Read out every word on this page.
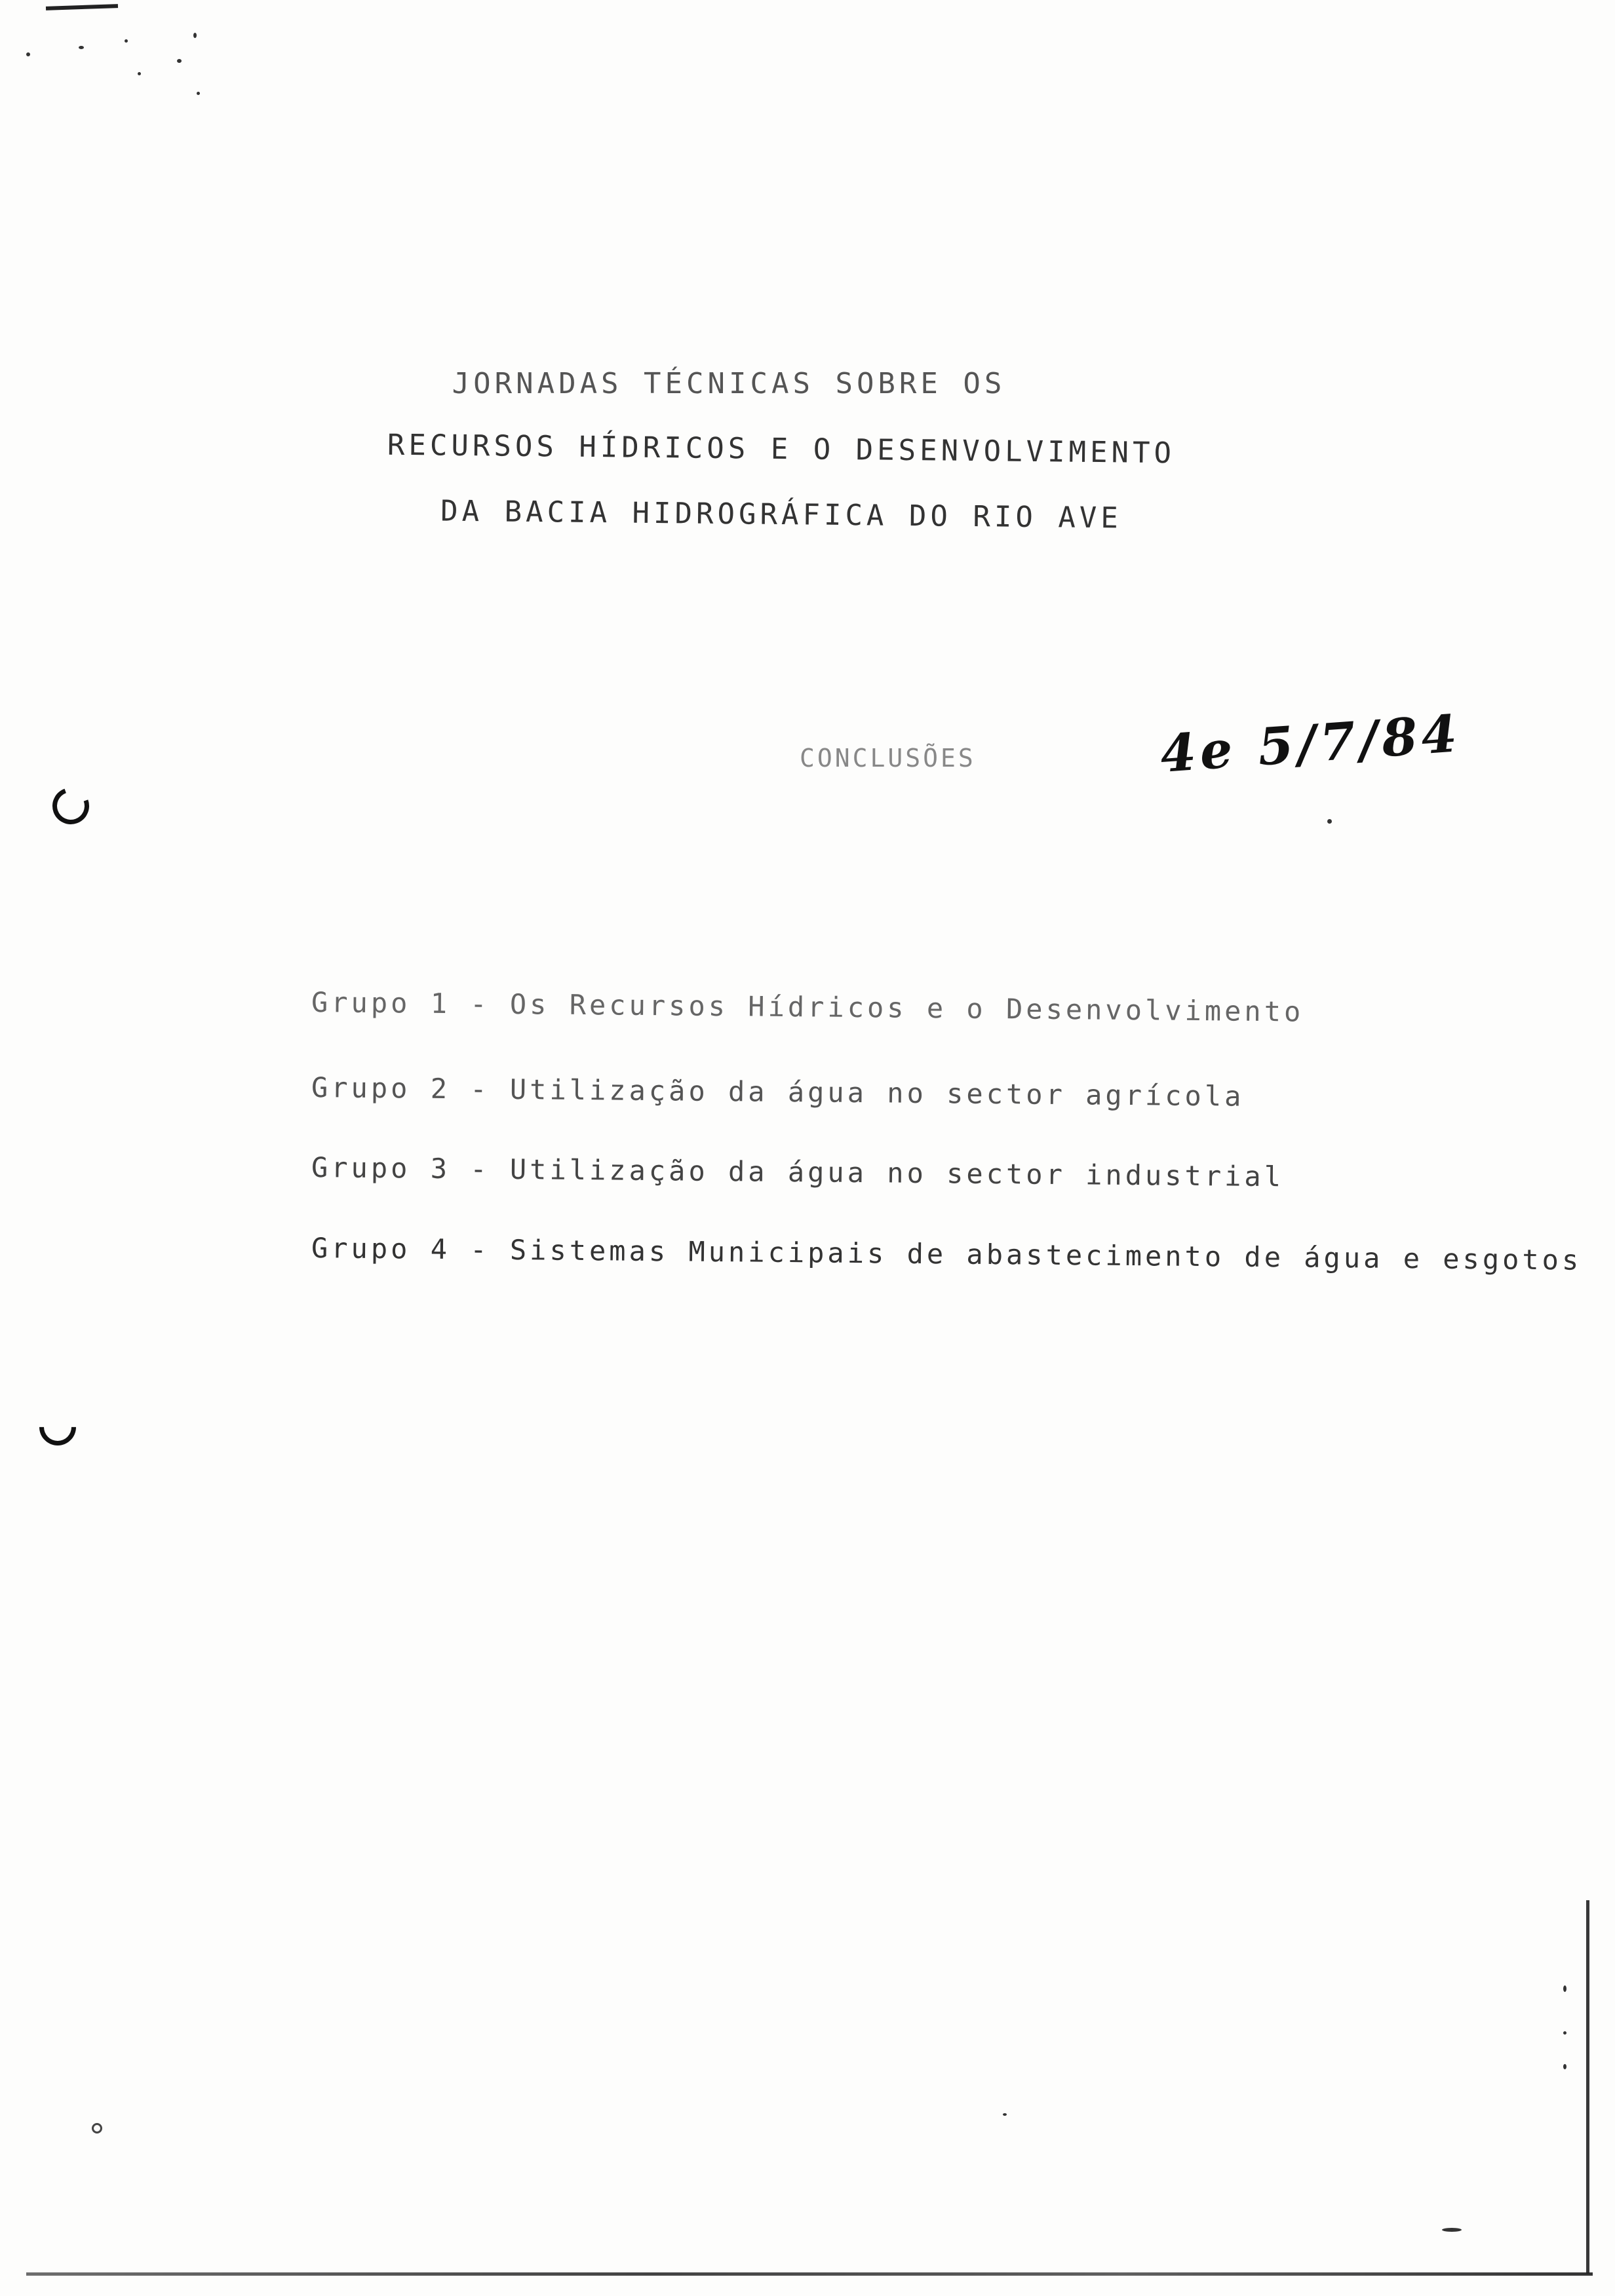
JORNADAS TÉCNICAS SOBRE OS
RECURSOS HÍDRICOS E O DESENVOLVIMENTO
DA BACIA HIDROGRÁFICA DO RIO AVE
CONCLUSÕES	4e 5/7/84
Grupo 1 - Os Recursos Hídricos e o Desenvolvimento
Grupo 2 - Utilização da água no sector agrícola
Grupo 3 - Utilização da água no sector industrial
Grupo 4 - Sistemas Municipais de abastecimento de água e esgotos
